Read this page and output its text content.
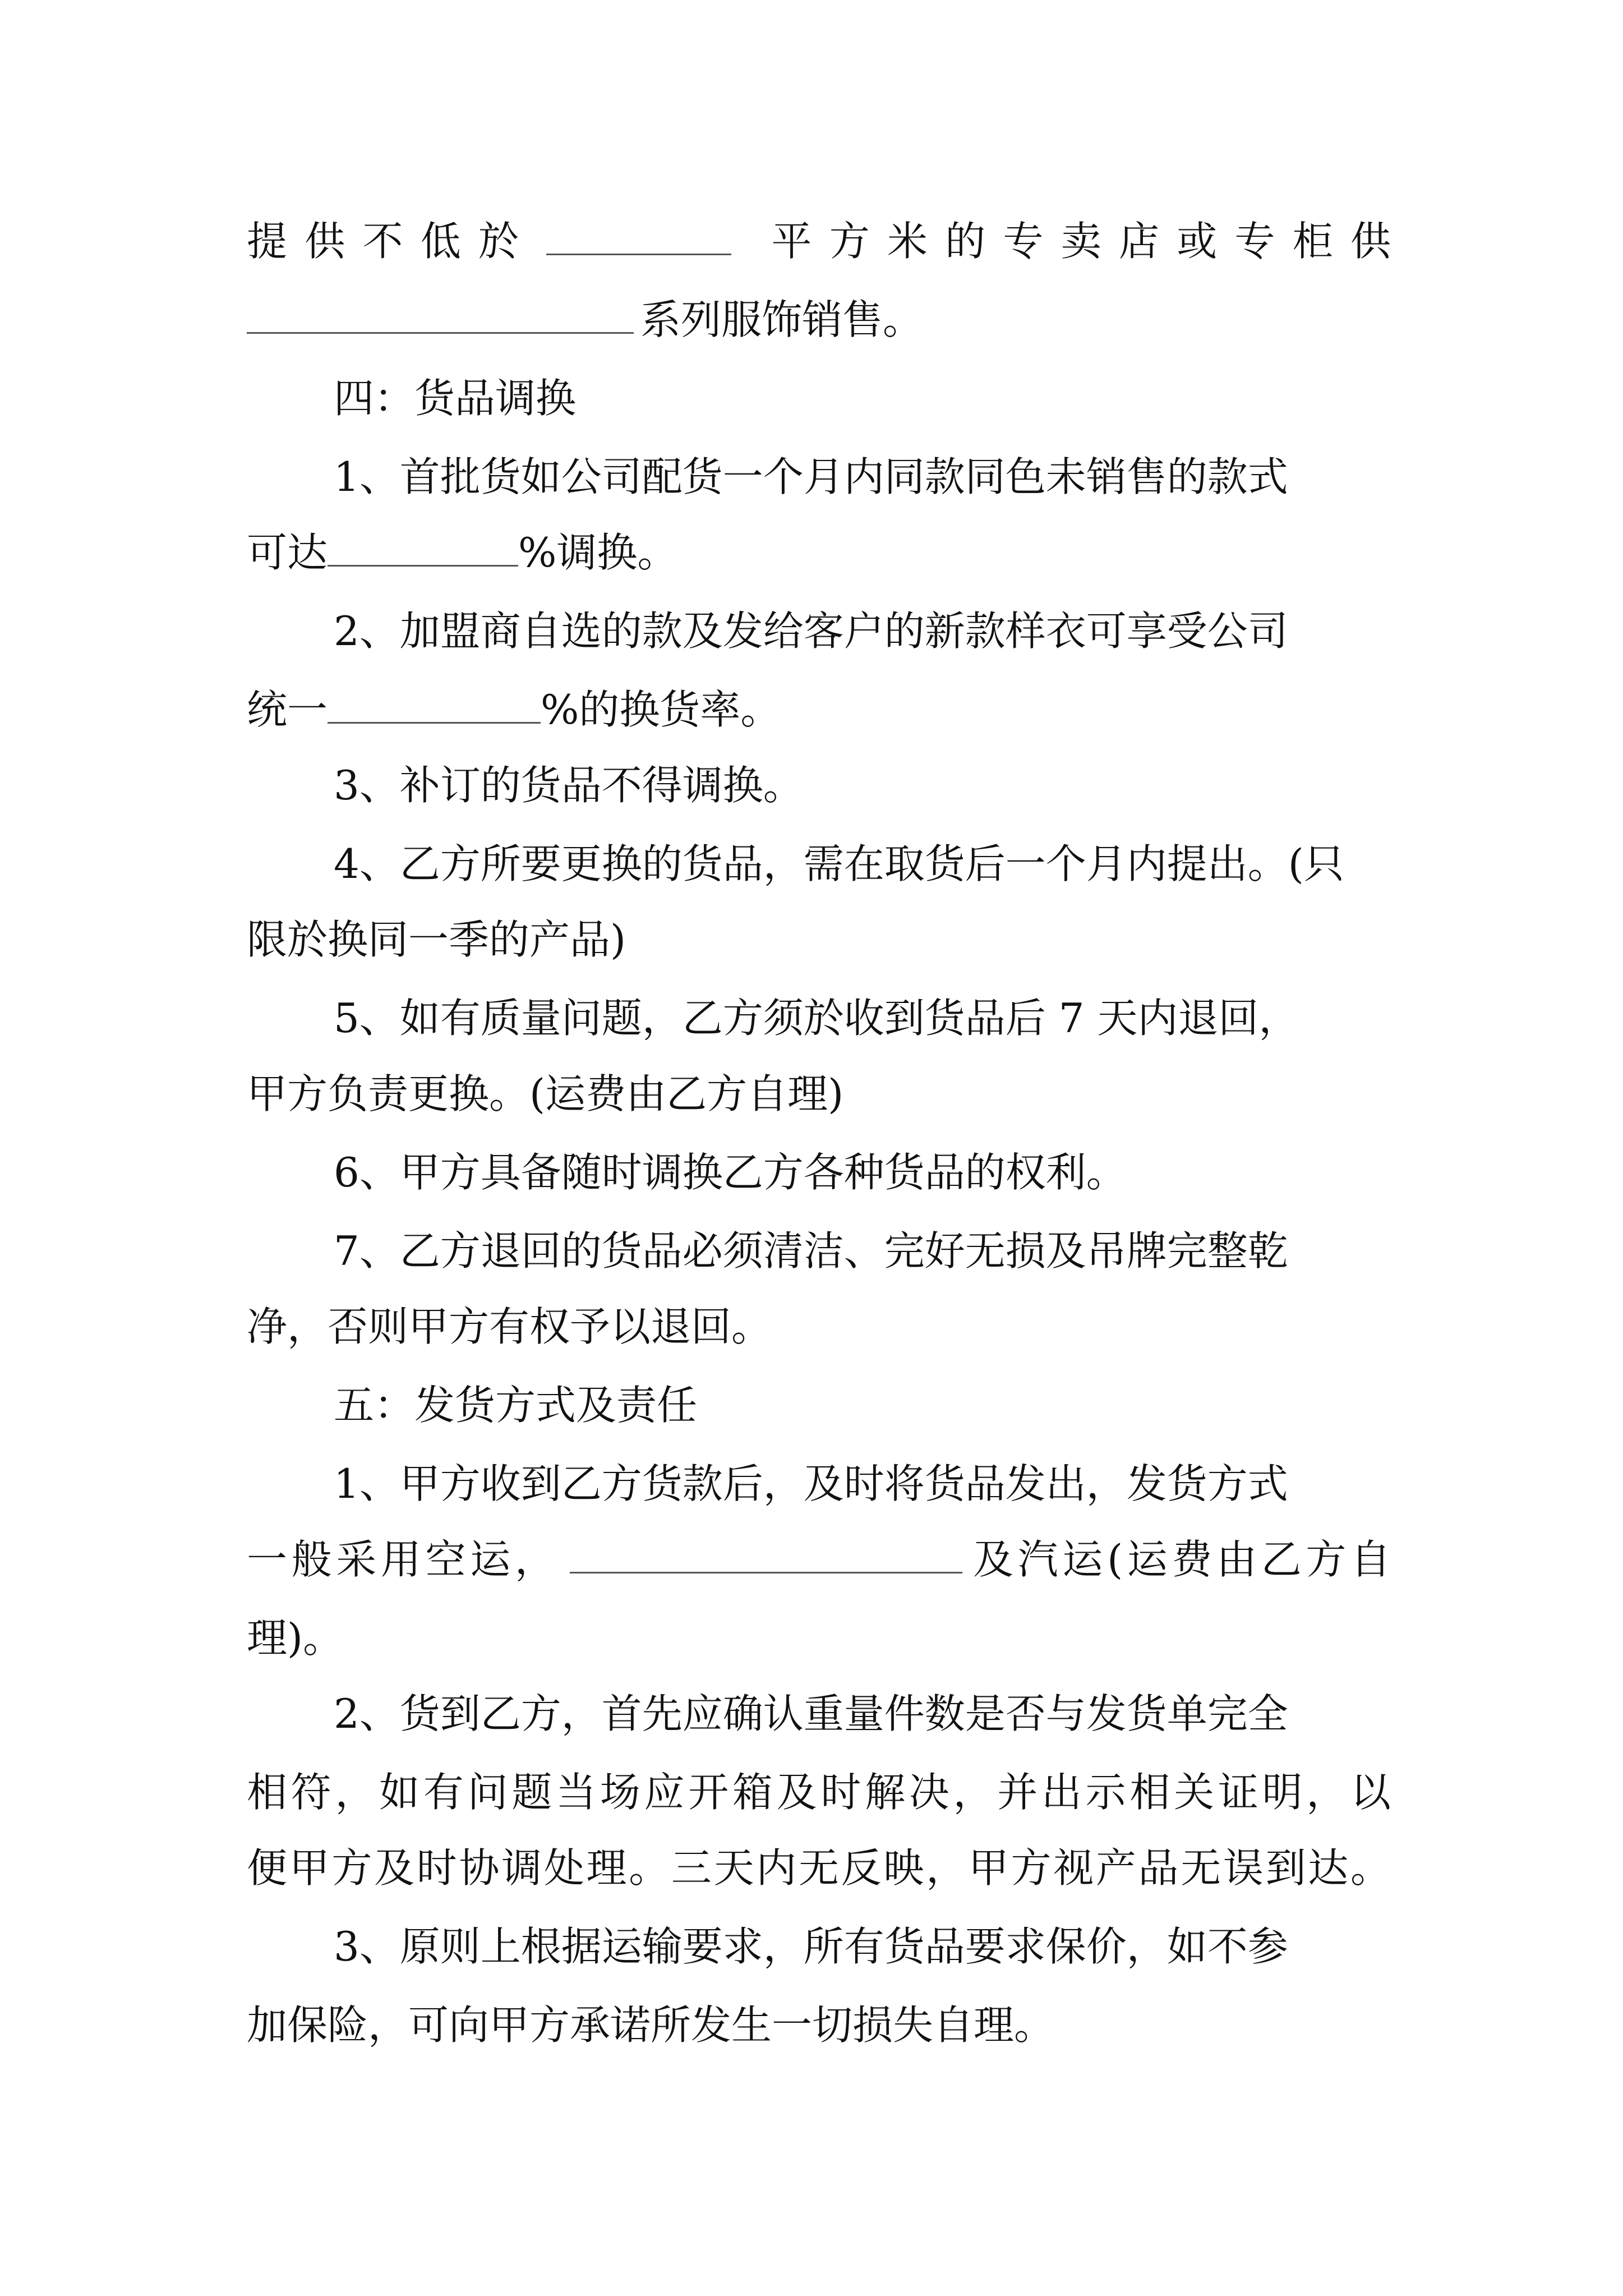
提供不低於	平方米的专卖店或专柜供
系列服饰销售。
四：货品调换
1、首批货如公司配货一个月内同款同色未销售的款式
可达	%调换。
2、加盟商自选的款及发给客户的新款样衣可享受公司
统一	%的换货率。
3、补订的货品不得调换。
4、乙方所要更换的货品，需在取货后一个月内提出。(只
限於换同一季的产品)
5、如有质量问题，乙方须於收到货品后 7 天内退回，
甲方负责更换。(运费由乙方自理)
6、甲方具备随时调换乙方各种货品的权利。
7、乙方退回的货品必须清洁、完好无损及吊牌完整乾
净，否则甲方有权予以退回。
五：发货方式及责任
1、甲方收到乙方货款后，及时将货品发出，发货方式
一般采用空运，	及汽运(运费由乙方自
理)。
2、货到乙方，首先应确认重量件数是否与发货单完全
相符，如有问题当场应开箱及时解决，并出示相关证明，以
便甲方及时协调处理。三天内无反映，甲方视产品无误到达。
3、原则上根据运输要求，所有货品要求保价，如不参
加保险，可向甲方承诺所发生一切损失自理。
